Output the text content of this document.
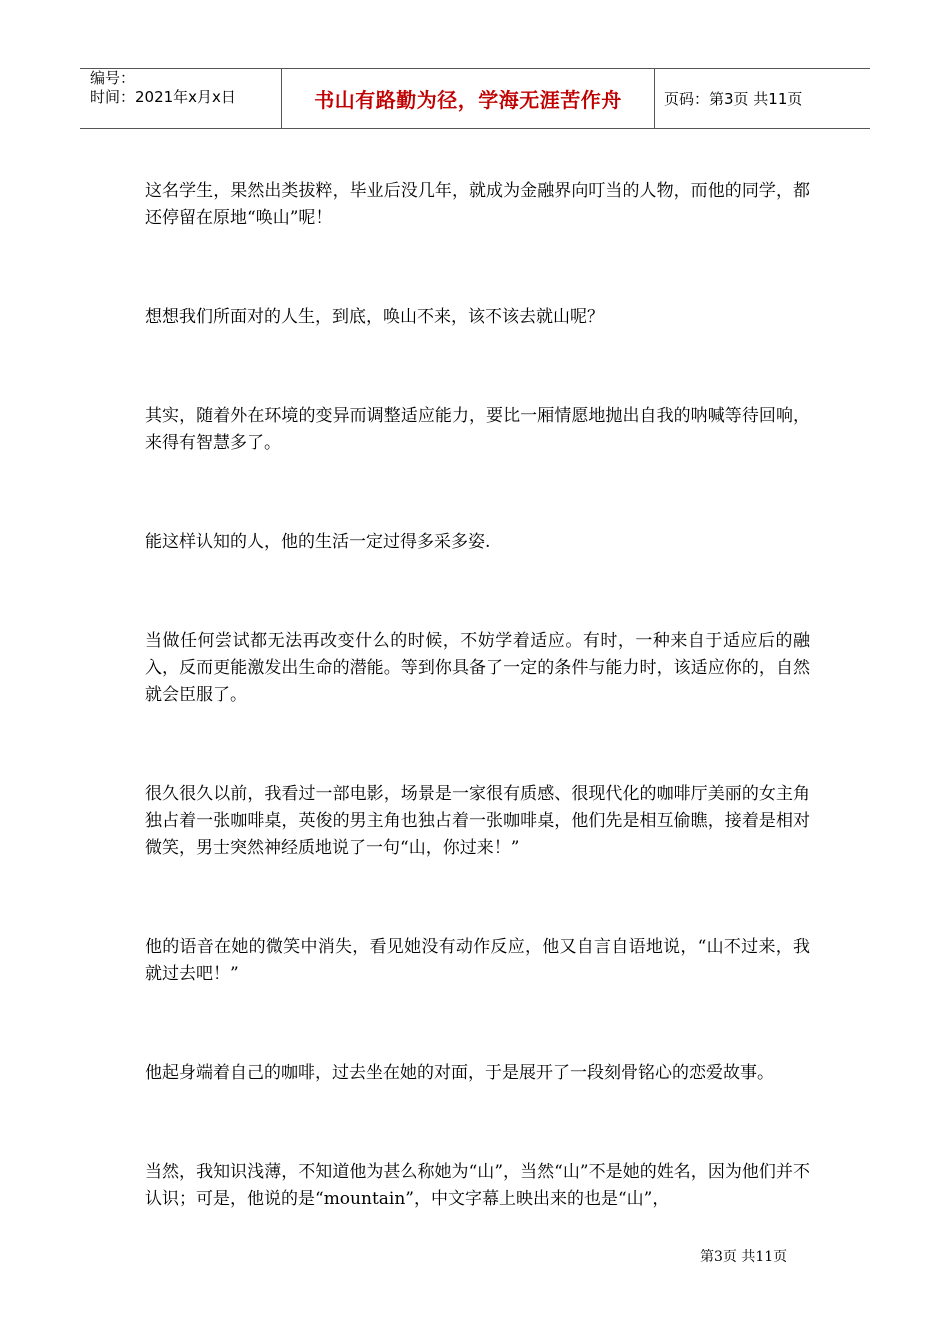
编号：
时间：2021年x月x日	书山有路勤为径，学海无涯苦作舟	页码：第3页 共11页

这名学生，果然出类拔粹，毕业后没几年，就成为金融界向叮当的人物，而他的同学，都还停留在原地“唤山”呢！

想想我们所面对的人生，到底，唤山不来，该不该去就山呢？

其实，随着外在环境的变异而调整适应能力，要比一厢情愿地抛出自我的呐喊等待回响，来得有智慧多了。

能这样认知的人，他的生活一定过得多采多姿.

当做任何尝试都无法再改变什么的时候，不妨学着适应。有时，一种来自于适应后的融入，反而更能激发出生命的潜能。等到你具备了一定的条件与能力时，该适应你的，自然就会臣服了。

很久很久以前，我看过一部电影，场景是一家很有质感、很现代化的咖啡厅美丽的女主角独占着一张咖啡桌，英俊的男主角也独占着一张咖啡桌，他们先是相互偷瞧，接着是相对微笑，男士突然神经质地说了一句“山，你过来！”

他的语音在她的微笑中消失，看见她没有动作反应，他又自言自语地说，“山不过来，我就过去吧！”

他起身端着自己的咖啡，过去坐在她的对面，于是展开了一段刻骨铭心的恋爱故事。

当然，我知识浅薄，不知道他为甚么称她为“山”，当然“山”不是她的姓名，因为他们并不认识；可是，他说的是“mountain”，中文字幕上映出来的也是“山”，

第3页 共11页
